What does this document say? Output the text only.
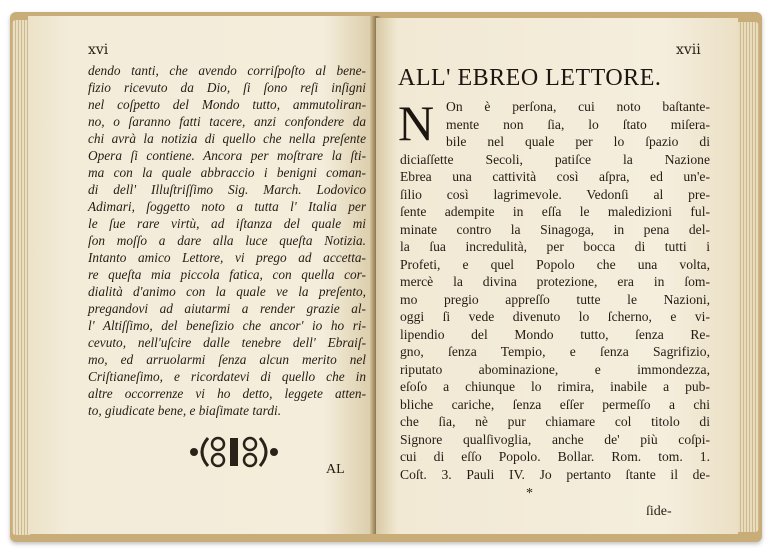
xvi
dendo tanti, che avendo corriſpoſto al bene-
fizio ricevuto da Dio, ſi ſono reſi inſigni
nel coſpetto del Mondo tutto, ammutoliran-
no, o ſaranno fatti tacere, anzi confondere da
chi avrà la notizia di quello che nella preſente
Opera ſi contiene. Ancora per moſtrare la ſti-
ma con la quale abbraccio i benigni coman-
di dell' Illuſtriſſimo Sig. March. Lodovico
Adimari, ſoggetto noto a tutta l' Italia per
le ſue rare virtù, ad iſtanza del quale mi
ſon moſſo a dare alla luce queſta Notizia.
Intanto amico Lettore, vi prego ad accetta-
re queſta mia piccola fatica, con quella cor-
dialità d'animo con la quale ve la preſento,
pregandovi ad aiutarmi a render grazie al-
l' Altiſſimo, del beneſizio che ancor' io ho ri-
cevuto, nell'uſcire dalle tenebre dell' Ebraiſ-
mo, ed arruolarmi ſenza alcun merito nel
Criſtianeſimo, e ricordatevi di quello che in
altre occorrenze vi ho detto, leggete atten-
to, giudicate bene, e biaſimate tardi.
AL
xvii
ALL' EBREO LETTORE.
N On è perſona, cui noto baſtante-
mente non ſia, lo ſtato miſera-
bile nel quale per lo ſpazio di
diciaſſette Secoli, patiſce la Nazione
Ebrea una cattività così aſpra, ed un'e-
ſilio così lagrimevole. Vedonſi al pre-
ſente adempite in eſſa le maledizioni ful-
minate contro la Sinagoga, in pena del-
la ſua incredulità, per bocca di tutti i
Profeti, e quel Popolo che una volta,
mercè la divina protezione, era in ſom-
mo pregio appreſſo tutte le Nazioni,
oggi ſi vede divenuto lo ſcherno, e vi-
lipendio del Mondo tutto, ſenza Re-
gno, ſenza Tempio, e ſenza Sagrifizio,
riputato abominazione, e immondezza,
eſoſo a chiunque lo rimira, inabile a pub-
bliche cariche, ſenza eſſer permeſſo a chi
che ſia, nè pur chiamare col titolo di
Signore qualſivoglia, anche de' più coſpi-
cui di eſſo Popolo. Bollar. Rom. tom. 1.
Coſt. 3. Pauli IV. Jo pertanto ſtante il de-
*
ſide-
